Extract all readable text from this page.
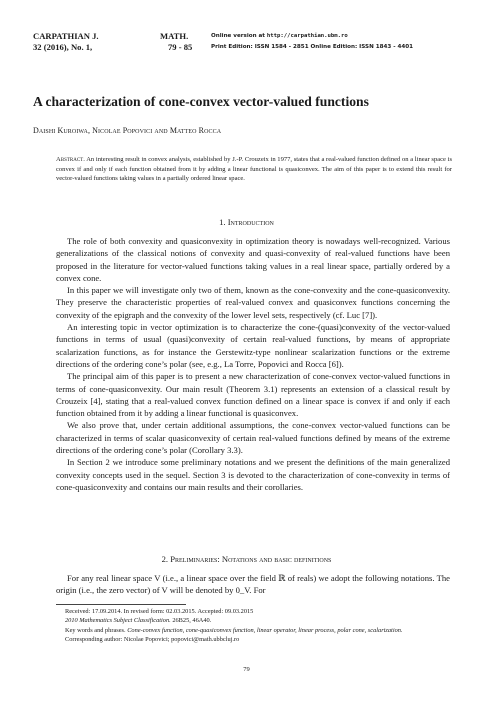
CARPATHIAN J.
32 (2016), No. 1,
MATH.
79 - 85
Online version at http://carpathian.ubm.ro
Print Edition: ISSN 1584 - 2851 Online Edition: ISSN 1843 - 4401
A characterization of cone-convex vector-valued functions
Daishi Kuroiwa, Nicolae Popovici and Matteo Rocca
Abstract. An interesting result in convex analysis, established by J.-P. Crouzeix in 1977, states that a real-valued function defined on a linear space is convex if and only if each function obtained from it by adding a linear functional is quasiconvex. The aim of this paper is to extend this result for vector-valued functions taking values in a partially ordered linear space.
1. Introduction

The role of both convexity and quasiconvexity in optimization theory is nowadays well-recognized. Various generalizations of the classical notions of convexity and quasi-convexity of real-valued functions have been proposed in the literature for vector-valued functions taking values in a real linear space, partially ordered by a convex cone.

In this paper we will investigate only two of them, known as the cone-convexity and the cone-quasiconvexity. They preserve the characteristic properties of real-valued convex and quasiconvex functions concerning the convexity of the epigraph and the convexity of the lower level sets, respectively (cf. Luc [7]).

An interesting topic in vector optimization is to characterize the cone-(quasi)convexity of the vector-valued functions in terms of usual (quasi)convexity of certain real-valued functions, by means of appropriate scalarization functions, as for instance the Gerstewitz-type nonlinear scalarization functions or the extreme directions of the ordering cone’s polar (see, e.g., La Torre, Popovici and Rocca [6]).

The principal aim of this paper is to present a new characterization of cone-convex vector-valued functions in terms of cone-quasiconvexity. Our main result (Theorem 3.1) represents an extension of a classical result by Crouzeix [4], stating that a real-valued convex function defined on a linear space is convex if and only if each function obtained from it by adding a linear functional is quasiconvex.

We also prove that, under certain additional assumptions, the cone-convex vector-valued functions can be characterized in terms of scalar quasiconvexity of certain real-valued functions defined by means of the extreme directions of the ordering cone’s polar (Corollary 3.3).

In Section 2 we introduce some preliminary notations and we present the definitions of the main generalized convexity concepts used in the sequel. Section 3 is devoted to the characterization of cone-convexity in terms of cone-quasiconvexity and contains our main results and their corollaries.

2. Preliminaries: Notations and basic definitions

For any real linear space V (i.e., a linear space over the field ℝ of reals) we adopt the following notations. The origin (i.e., the zero vector) of V will be denoted by 0_V. For

Received: 17.09.2014. In revised form: 02.03.2015. Accepted: 09.03.2015

2010 Mathematics Subject Classification. 26B25, 46A40.

Key words and phrases. Cone-convex function, cone-quasiconvex function, linear operator, linear process, polar cone, scalarization.

Corresponding author: Nicolae Popovici; popovici@math.ubbcluj.ro

79
